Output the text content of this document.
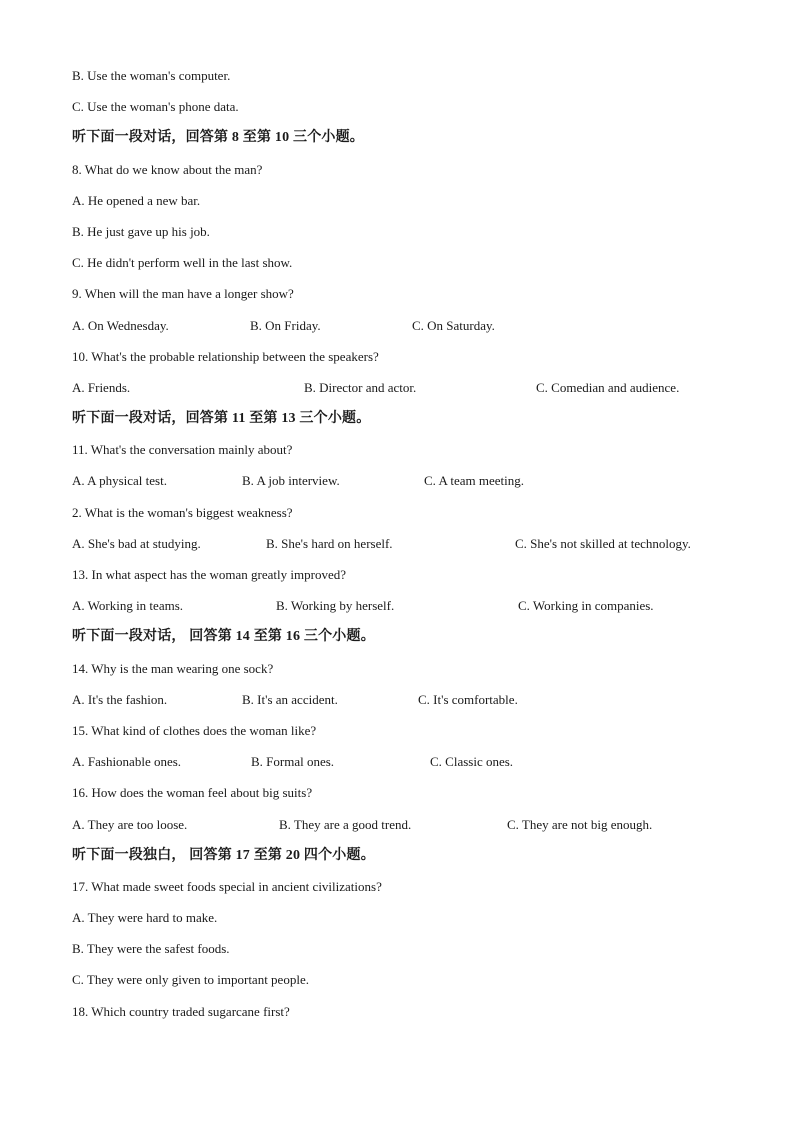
B. Use the woman's computer.
C. Use the woman's phone data.
听下面一段对话，回答第 8 至第 10 三个小题。
8. What do we know about the man?
A. He opened a new bar.
B. He just gave up his job.
C. He didn't perform well in the last show.
9. When will the man have a longer show?
A. On Wednesday.	B. On Friday.	C. On Saturday.
10. What's the probable relationship between the speakers?
A. Friends.	B. Director and actor.	C. Comedian and audience.
听下面一段对话，回答第 11 至第 13 三个小题。
11. What's the conversation mainly about?
A. A physical test.	B. A job interview.	C. A team meeting.
2. What is the woman's biggest weakness?
A. She's bad at studying.	B. She's hard on herself.	C. She's not skilled at technology.
13. In what aspect has the woman greatly improved?
A. Working in teams.	B. Working by herself.	C. Working in companies.
听下面一段对话， 回答第 14 至第 16 三个小题。
14. Why is the man wearing one sock?
A. It's the fashion.	B. It's an accident.	C. It's comfortable.
15. What kind of clothes does the woman like?
A. Fashionable ones.	B. Formal ones.	C. Classic ones.
16. How does the woman feel about big suits?
A. They are too loose.	B. They are a good trend.	C. They are not big enough.
听下面一段独白， 回答第 17 至第 20 四个小题。
17. What made sweet foods special in ancient civilizations?
A. They were hard to make.
B. They were the safest foods.
C. They were only given to important people.
18. Which country traded sugarcane first?
